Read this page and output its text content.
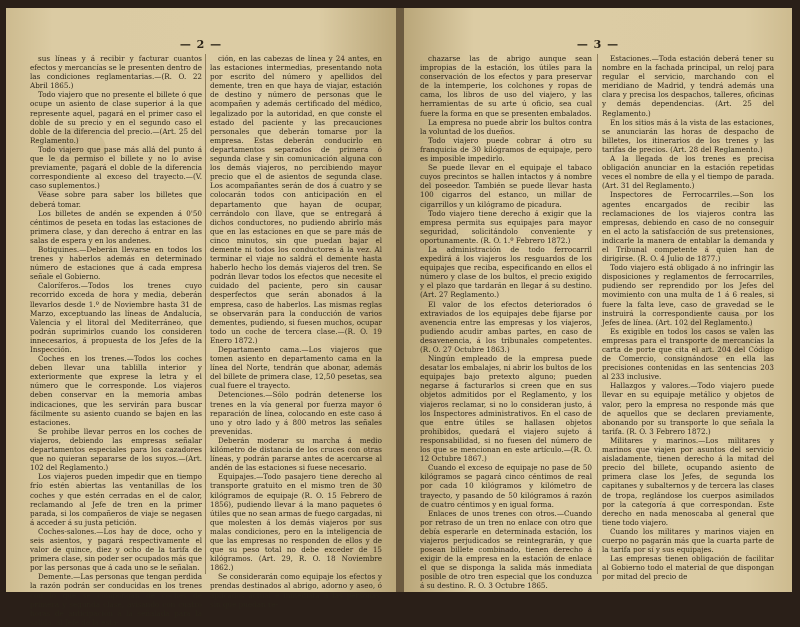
— 2 —

sus líneas y á recibir y facturar cuantos efectos y mercancías se le presenten dentro de las condiciones reglamentarias.—(R. O. 22 Abril 1865.)

Todo viajero que no presente el billete ó que ocupe un asiento de clase superior á la que represente aquel, pagará en el primer caso el doble de su precio y en el segundo caso el doble de la diferencia del precio.—(Art. 25 del Reglamento.)

Todo viajero que pase más allá del punto á que le da permiso el billete y no lo avise previamente, pagará el doble de la diferencia correspondiente al exceso del trayecto.—(V. caso suplementos.)

Véase sobre para saber los billetes que deberá tomar.

Los billetes de andén se expenden á 0'50 céntimos de peseta en todas las estaciones de primera clase, y dan derecho á entrar en las salas de espera y en los andenes.

Botiquines.—Deberán llevarse en todos los trenes y haberlos además en determinado número de estaciones que á cada empresa señale el Gobierno.

Caloríferos.—Todos los trenes cuyo recorrido exceda de hora y media, deberán llevarlos desde 1.º de Noviembre hasta 31 de Marzo, exceptuando las líneas de Andalucía, Valencia y el litoral del Mediterráneo, que podrán suprimirlos cuando los consideren innecesarios, á propuesta de los Jefes de la Inspección.

Coches en los trenes.—Todos los coches deben llevar una tablilla interior y exteriormente que exprese la letra y el número que le corresponde. Los viajeros deben conservar en la memoria ambas indicaciones, que les servirán para buscar fácilmente su asiento cuando se bajen en las estaciones.

Se prohibe llevar perros en los coches de viajeros, debiendo las empresas señalar departamentos especiales para los cazadores que no quieran separarse de los suyos.—(Art. 102 del Reglamento.)

Los viajeros pueden impedir que en tiempo frío estén abiertas las ventanillas de los coches y que estén cerradas en el de calor, reclamando al Jefe de tren en la primer parada, si los compañeros de viaje se negasen á acceder á su justa petición.

Coches-salones.—Los hay de doce, ocho y seis asientos, y pagará respectivamente el valor de quince, diez y ocho de la tarifa de primera clase, sin poder ser ocupados más que por las personas que á cada uno se le señalan.

Demente.—Las personas que tengan perdida la razón podrán ser conducidas en los trenes con lo que se compongan de coches de primera y segunda clase, avisando con cuatro horas de anticipación á la señalada para la salida, al Jefe de la esta-

ción, en las cabezas de línea y 24 antes, en las estaciones intermedias, presentando nota por escrito del número y apellidos del demente, tren en que haya de viajar, estación de destino y número de personas que le acompañen y además certificado del médico, legalizado por la autoridad, en que conste el estado del paciente y las precauciones personales que deberán tomarse por la empresa. Estas deberán conducirlo en departamentos separados de primera ó segunda clase y sin comunicación alguna con los demás viajeros, no percibiendo mayor precio que el de asientos de segunda clase. Los acompañantes serán de dos á cuatro y se colocarán todos con anticipación en el departamento que hayan de ocupar, cerrándolo con llave, que se entregará á dichos conductores, no pudiendo abrirlo más que en las estaciones en que se pare más de cinco minutos, sin que puedan bajar el demente ni todos los conductores á la vez. Al terminar el viaje no saldrá el demente hasta haberlo hecho los demás viajeros del tren. Se podrán llevar todos los efectos que necesite el cuidado del paciente, pero sin causar desperfectos que serán abonados á la empresa, caso de haberlos. Las mismas reglas se observarán para la conducción de varios dementes, pudiendo, si fuesen muchos, ocupar todo un coche de tercera clase.—(R. O. 19 Enero 1872.)

Departamento cama.—Los viajeros que tomen asiento en departamento cama en la línea del Norte, tendrán que abonar, además del billete de primera clase, 12,50 pesetas, sea cual fuere el trayecto.

Detenciones.—Sólo podrán detenerse los trenes en la vía general por fuerza mayor ó reparación de línea, colocando en este caso á uno y otro lado y á 800 metros las señales prevenidas.

Deberán moderar su marcha á medio kilómetro de distancia de los cruces con otras líneas, y podrán pararse antes de acercarse al andén de las estaciones si fuese necesario.

Equipajes.—Todo pasajero tiene derecho al transporte gratuito en el mismo tren de 30 kilógramos de equipaje (R. O. 15 Febrero de 1856), pudiendo llevar á la mano paquetes ó útiles que no sean armas de fuego cargadas, ni que molesten á los demás viajeros por sus malas condiciones, pero en la inteligencia de que las empresas no responden de ellos y de que su peso total no debe exceder de 15 kilógramos. (Art. 29, R. O. 18 Noviembre 1862.)

Se considerarán como equipaje los efectos y prendas destinados al abrigo, adorno y aseo, ó aplicados actual é inmediata á las personas, sin que puedan re-

— 3 —

chazarse las de abrigo aunque sean impropias de la estación, los útiles para la conservación de los efectos y para preservar de la intemperie, los colchones y ropas de cama, los libros de uso del viajero, y las herramientas de su arte ú oficio, sea cual fuere la forma en que se presenten embalados.

La empresa no puede abrir los bultos contra la voluntad de los dueños.

Todo viajero puede cobrar á otro su franquicia de 30 kilógramos de equipaje, pero es imposible impedirlo.

Se puede llevar en el equipaje el tabaco cuyos precintos se hallen intactos y á nombre del poseedor. También se puede llevar hasta 100 cigarros del estanco, un millar de cigarrillos y un kilógramo de picadura.

Todo viajero tiene derecho á exigir que la empresa permita sus equipajes para mayor seguridad, solicitándolo conveniente y oportunamente. (R. O. 1.º Febrero 1872.)

La administración de todo ferrocarril expedirá á los viajeros los resguardos de los equipajes que reciba, especificando en ellos el número y clase de los bultos, el precio exigido y el plazo que tardarán en llegar á su destino. (Art. 27 Reglamento.)

El valor de los efectos deteriorados ó extraviados de los equipajes debe fijarse por avenencia entre las empresas y los viajeros, pudiendo acudir ambas partes, en caso de desavenencia, á los tribunales competentes. (R. O. 27 Octubre 1863.)

Ningún empleado de la empresa puede desatar los embalajes, ni abrir los bultos de los equipajes bajo pretexto alguno; pueden negarse á facturarlos si creen que en sus objetos admitidos por el Reglamento, y los viajeros reclamar, si no lo consideran justo, á los Inspectores administrativos. En el caso de que entre útiles se hallasen objetos prohibidos, quedará el viajero sujeto á responsabilidad, si no fuesen del número de los que se mencionan en este artículo.—(R. O. 12 Octubre 1867.)

Cuando el exceso de equipaje no pase de 50 kilógramos se pagará cinco céntimos de real por cada 10 kilógramos y kilómetro de trayecto, y pasando de 50 kilógramos á razón de cuatro céntimos y en igual forma.

Enlaces de unos trenes con otros.—Cuando por retraso de un tren no enlace con otro que debía esperarle en determinada estación, los viajeros perjudicados se reintegrarán, y que posean billete combinado, tienen derecho á exigir de la empresa en la estación de enlace el que se disponga la salida más inmediata posible de otro tren especial que los conduzca á su destino. R. O. 3 Octubre 1865.

Estaciones.—Toda estación deberá tener su nombre en la fachada principal, un reloj para regular el servicio, marchando con el meridiano de Madrid, y tendrá además una clara y precisa los despachos, talleres, oficinas y demás dependencias. (Art. 25 del Reglamento.)

En los sitios más á la vista de las estaciones, se anunciarán las horas de despacho de billetes, los itinerarios de los trenes y las tarifas de precios. (Art. 28 del Reglamento.)

A la llegada de los trenes es precisa obligación anunciar en la estación repetidas veces el nombre de ella y el tiempo de parada. (Art. 31 del Reglamento.)

Inspectores de Ferrocarriles.—Son los agentes encargados de recibir las reclamaciones de los viajeros contra las empresas, debiendo en caso de no conseguir en el acto la satisfacción de sus pretensiones, indicarle la manera de entablar la demanda y el Tribunal competente á quien han de dirigirse. (R. O. 4 Julio de 1877.)

Todo viajero está obligado á no infringir las disposiciones y reglamentos de ferrocarriles, pudiendo ser reprendido por los Jefes del movimiento con una multa de 1 á 6 reales, si fuere la falta leve, caso de gravedad se le instruirá la correspondiente causa por los Jefes de línea. (Art. 102 del Reglamento.)

Es exigible en todos los casos se valen las empresas para el transporte de mercancías la carta de porte que cita el art. 204 del Código de Comercio, consignándose en ella las precisiones contenidas en las sentencias 203 al 233 inclusive.

Hallazgos y valores.—Todo viajero puede llevar en su equipaje metálico y objetos de valor, pero la empresa no responde más que de aquellos que se declaren previamente, abonando por su transporte lo que señala la tarifa. (R. O. 3 Febrero 1872.)

Militares y marinos.—Los militares y marinos que viajen por asuntos del servicio aisladamente, tienen derecho á la mitad del precio del billete, ocupando asiento de primera clase los Jefes, de segunda los capitanes y subalternos y de tercera las clases de tropa, reglándose los cuerpos asimilados por la categoría á que correspondan. Este derecho en nada menoscaba al general que tiene todo viajero.

Cuando los militares y marinos viajen en cuerpo no pagarán más que la cuarta parte de la tarifa por sí y sus equipajes.

Las empresas tienen obligación de facilitar al Gobierno todo el material de que dispongan por mitad del precio de
